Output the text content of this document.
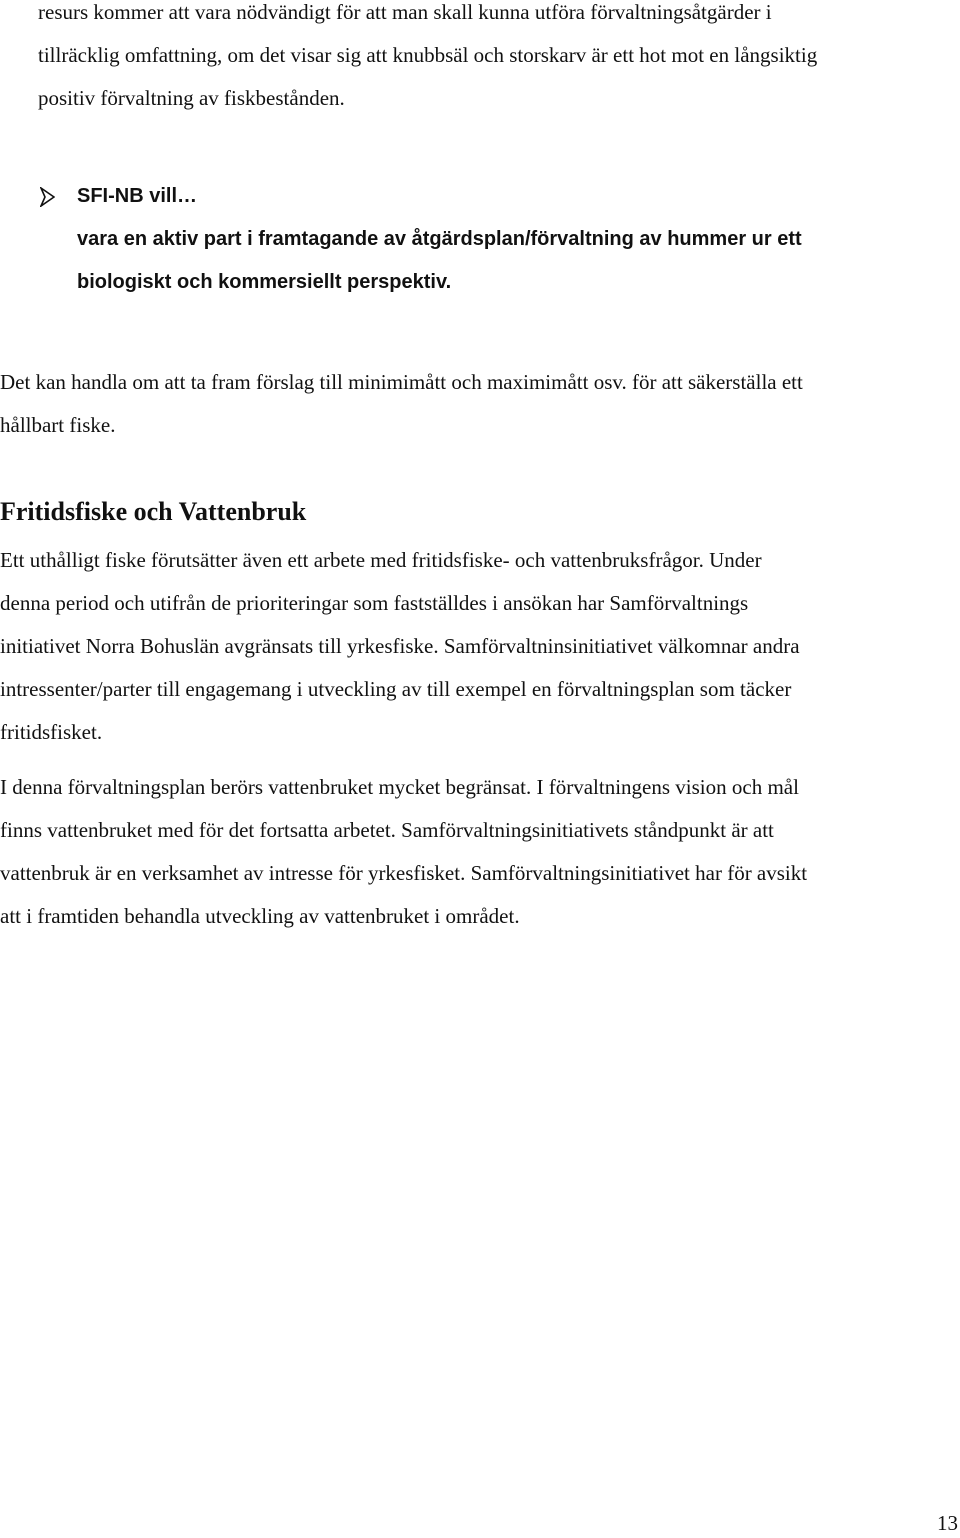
resurs kommer att vara nödvändigt för att man skall kunna utföra förvaltningsåtgärder i
tillräcklig omfattning, om det visar sig att knubbsäl och storskarv är ett hot mot en långsiktig
positiv förvaltning av fiskbestånden.
SFI-NB vill…
vara en aktiv part i framtagande av åtgärdsplan/förvaltning av hummer ur ett
biologiskt och kommersiellt perspektiv.
Det kan handla om att ta fram förslag till minimimått och maximimått osv. för att säkerställa ett
hållbart fiske.
Fritidsfiske och Vattenbruk
Ett uthålligt fiske förutsätter även ett arbete med fritidsfiske- och vattenbruksfrågor. Under
denna period och utifrån de prioriteringar som fastställdes i ansökan har Samförvaltnings
initiativet Norra Bohuslän avgränsats till yrkesfiske. Samförvaltninsinitiativet välkomnar andra
intressenter/parter till engagemang i utveckling av till exempel en förvaltningsplan som täcker
fritidsfisket.
I denna förvaltningsplan berörs vattenbruket mycket begränsat. I förvaltningens vision och mål
finns vattenbruket med för det fortsatta arbetet. Samförvaltningsinitiativets ståndpunkt är att
vattenbruk är en verksamhet av intresse för yrkesfisket. Samförvaltningsinitiativet har för avsikt
att i framtiden behandla utveckling av vattenbruket i området.

13
